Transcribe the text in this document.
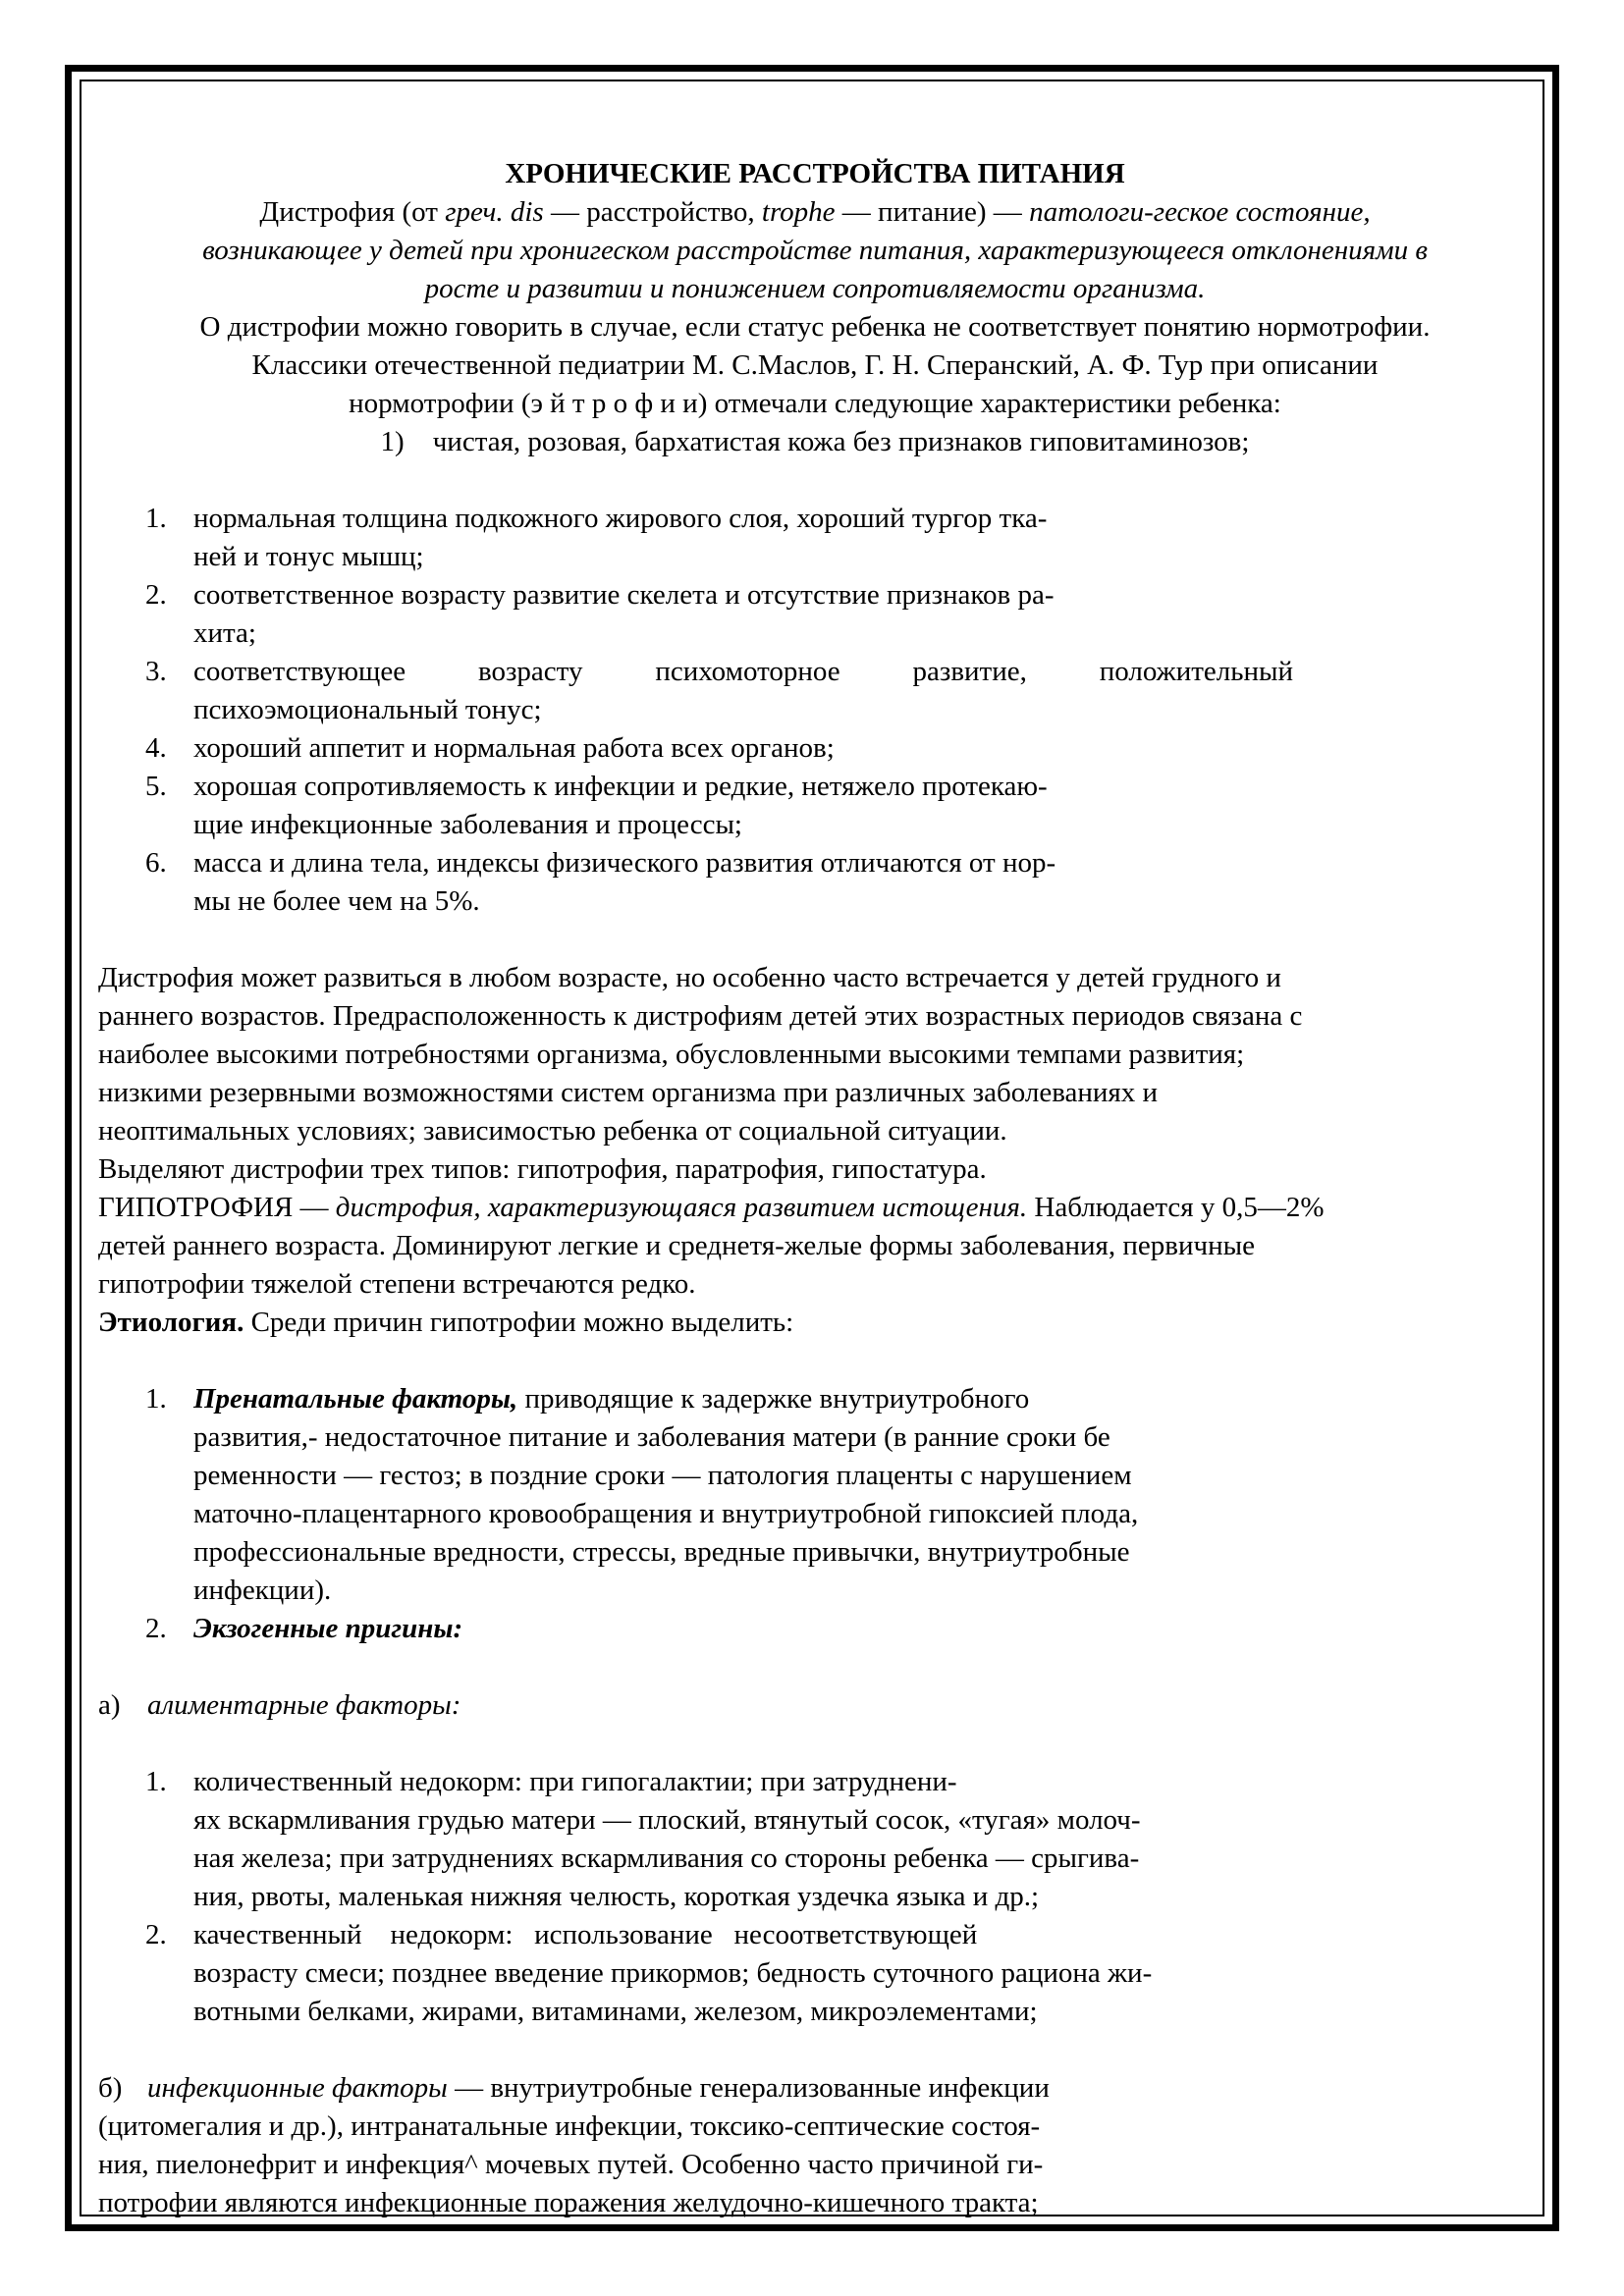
ХРОНИЧЕСКИЕ РАССТРОЙСТВА ПИТАНИЯ
Дистрофия (от греч. dis — расстройство, trophe — питание) — патологи-геское состояние,
возникающее у детей при хронигеском расстройстве питания, характеризующееся отклонениями в
росте и развитии и понижением сопротивляемости организма.
О дистрофии можно говорить в случае, если статус ребенка не соответствует понятию нормотрофии.
Классики отечественной педиатрии М. С.Маслов, Г. Н. Сперанский, А. Ф. Тур при описании
нормотрофии (э й т р о ф и и) отмечали следующие характеристики ребенка:
1) чистая, розовая, бархатистая кожа без признаков гиповитаминозов;
1. нормальная толщина подкожного жирового слоя, хороший тургор тка-
ней и тонус мышц;
2. соответственное возрасту развитие скелета и отсутствие признаков ра-
хита;
3. соответствующее возрасту психомоторное развитие, положительный
психоэмоциональный тонус;
4. хороший аппетит и нормальная работа всех органов;
5. хорошая сопротивляемость к инфекции и редкие, нетяжело протекаю-
щие инфекционные заболевания и процессы;
6. масса и длина тела, индексы физического развития отличаются от нор-
мы не более чем на 5%.
Дистрофия может развиться в любом возрасте, но особенно часто встречается у детей грудного и
раннего возрастов. Предрасположенность к дистрофиям детей этих возрастных периодов связана с
наиболее высокими потребностями организма, обусловленными высокими темпами развития;
низкими резервными возможностями систем организма при различных заболеваниях и
неоптимальных условиях; зависимостью ребенка от социальной ситуации.
Выделяют дистрофии трех типов: гипотрофия, паратрофия, гипостатура.
ГИПОТРОФИЯ — дистрофия, характеризующаяся развитием истощения. Наблюдается у 0,5—2%
детей раннего возраста. Доминируют легкие и среднетя-желые формы заболевания, первичные
гипотрофии тяжелой степени встречаются редко.
Этиология. Среди причин гипотрофии можно выделить:
1. Пренатальные факторы, приводящие к задержке внутриутробного
развития,- недостаточное питание и заболевания матери (в ранние сроки бе
ременности — гестоз; в поздние сроки — патология плаценты с нарушением
маточно-плацентарного кровообращения и внутриутробной гипоксией плода,
профессиональные вредности, стрессы, вредные привычки, внутриутробные
инфекции).
2. Экзогенные пригины:
а) алиментарные факторы:
1. количественный недокорм: при гипогалактии; при затруднени-
ях вскармливания грудью матери — плоский, втянутый сосок, «тугая» молоч-
ная железа; при затруднениях вскармливания со стороны ребенка — срыгива-
ния, рвоты, маленькая нижняя челюсть, короткая уздечка языка и др.;
2. качественный    недокорм:   использование   несоответствующей
возрасту смеси; позднее введение прикормов; бедность суточного рациона жи-
вотными белками, жирами, витаминами, железом, микроэлементами;
б) инфекционные факторы — внутриутробные генерализованные инфекции
(цитомегалия и др.), интранатальные инфекции, токсико-септические состоя-
ния, пиелонефрит и инфекция^ мочевых путей. Особенно часто причиной ги-
потрофии являются инфекционные поражения желудочно-кишечного тракта;
